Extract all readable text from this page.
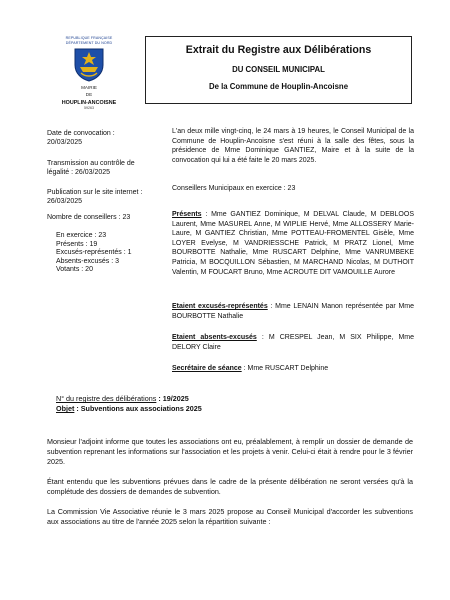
REPUBLIQUE FRANÇAISE
DÉPARTEMENT DU NORD
MAIRIE
DE
HOUPLIN-ANCOISNE
59263
Extrait du Registre aux Délibérations
DU CONSEIL MUNICIPAL
De la Commune de Houplin-Ancoisne
Date de convocation :
20/03/2025
Transmission au contrôle de légalité : 26/03/2025
Publication sur le site internet : 26/03/2025
Nombre de conseillers : 23
En exercice : 23
Présents : 19
Excusés-représentés : 1
Absents-excusés : 3
Votants : 20
L'an deux mille vingt-cinq, le 24 mars à 19 heures, le Conseil Municipal de la Commune de Houplin-Ancoisne s'est réuni à la salle des fêtes, sous la présidence de Mme Dominique GANTIEZ, Maire et à la suite de la convocation qui lui a été faite le 20 mars 2025.
Conseillers Municipaux en exercice : 23
Présents : Mme GANTIEZ Dominique, M DELVAL Claude, M DEBLOOS Laurent, Mme MASUREL Anne, M WIPLIE Hervé, Mme ALLOSSERY Marie-Laure, M GANTIEZ Christian, Mme POTTEAU-FROMENTEL Gisèle, Mme LOYER Evelyse, M VANDRIESSCHE Patrick, M PRATZ Lionel, Mme BOURBOTTE Nathalie, Mme RUSCART Delphine, Mme VANRUMBEKE Patricia, M BOCQUILLON Sébastien, M MARCHAND Nicolas, M DUTHOIT Valentin, M FOUCART Bruno, Mme ACROUTE DIT VAMOUILLE Aurore
Etaient excusés-représentés : Mme LENAIN Manon représentée par Mme BOURBOTTE Nathalie
Etaient absents-excusés : M CRESPEL Jean, M SIX Philippe, Mme DELORY Claire
Secrétaire de séance : Mme RUSCART Delphine
N° du registre des délibérations : 19/2025
Objet : Subventions aux associations 2025
Monsieur l'adjoint informe que toutes les associations ont eu, préalablement, à remplir un dossier de demande de subvention reprenant les informations sur l'association et les projets à venir. Celui-ci était à rendre pour le 3 février 2025.
Étant entendu que les subventions prévues dans le cadre de la présente délibération ne seront versées qu'à la complétude des dossiers de demandes de subvention.
La Commission Vie Associative réunie le 3 mars 2025 propose au Conseil Municipal d'accorder les subventions aux associations au titre de l'année 2025 selon la répartition suivante :
